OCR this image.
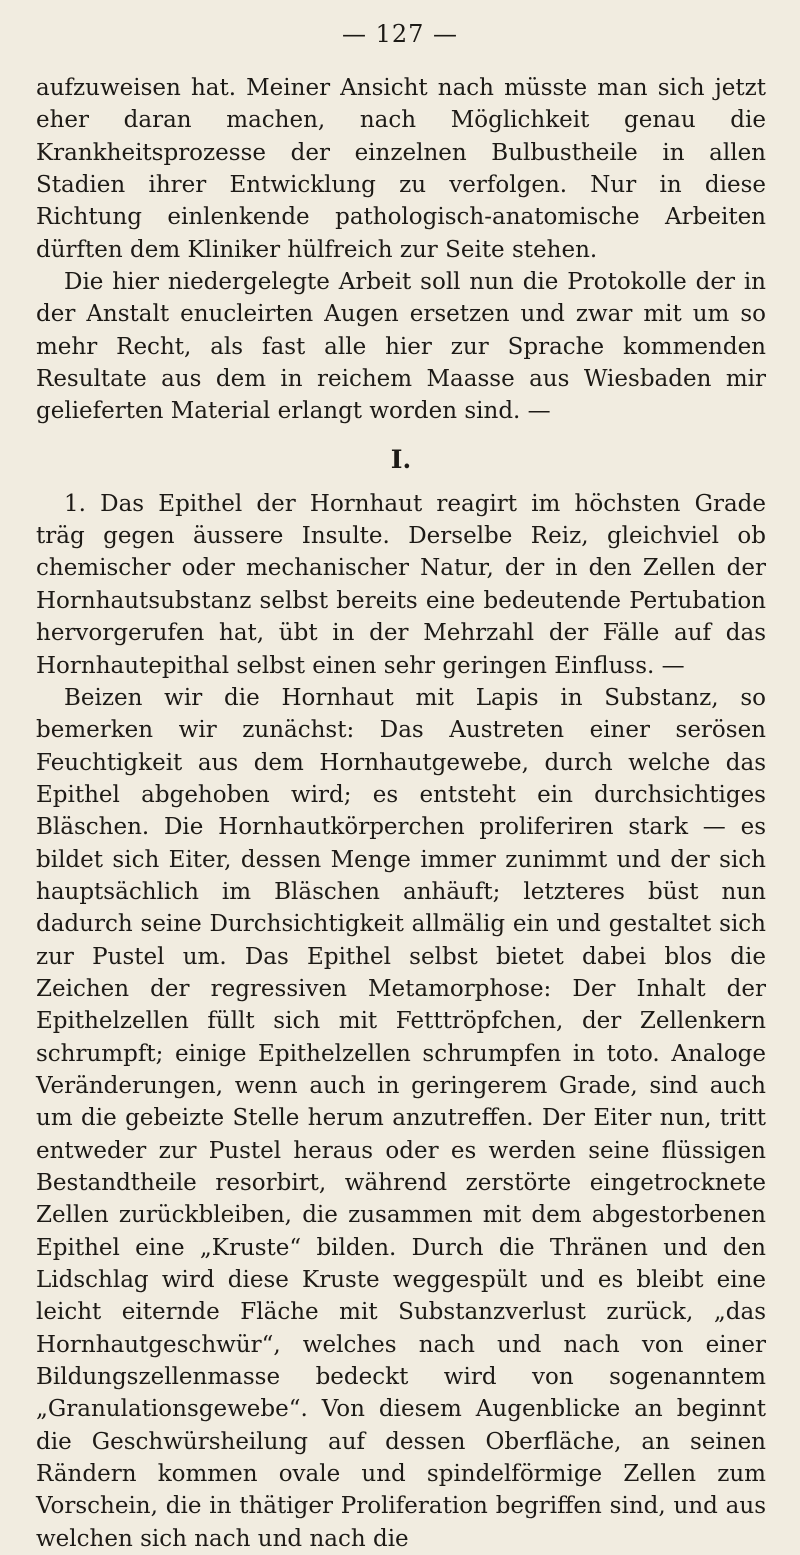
— 127 —

aufzuweisen hat. Meiner Ansicht nach müsste man sich jetzt eher daran machen, nach Möglichkeit genau die Krankheitsprozesse der einzelnen Bulbustheile in allen Stadien ihrer Entwicklung zu verfolgen. Nur in diese Richtung einlenkende pathologisch-anatomische Arbeiten dürften dem Kliniker hülfreich zur Seite stehen.

Die hier niedergelegte Arbeit soll nun die Protokolle der in der Anstalt enucleirten Augen ersetzen und zwar mit um so mehr Recht, als fast alle hier zur Sprache kommenden Resultate aus dem in reichem Maasse aus Wiesbaden mir gelieferten Material erlangt worden sind. —

I.

1. Das Epithel der Hornhaut reagirt im höchsten Grade träg gegen äussere Insulte. Derselbe Reiz, gleichviel ob chemischer oder mechanischer Natur, der in den Zellen der Hornhautsubstanz selbst bereits eine bedeutende Pertubation hervorgerufen hat, übt in der Mehrzahl der Fälle auf das Hornhautepithal selbst einen sehr geringen Einfluss. —

Beizen wir die Hornhaut mit Lapis in Substanz, so bemerken wir zunächst: Das Austreten einer serösen Feuchtigkeit aus dem Hornhautgewebe, durch welche das Epithel abgehoben wird; es entsteht ein durchsichtiges Bläschen. Die Hornhautkörperchen proliferiren stark — es bildet sich Eiter, dessen Menge immer zunimmt und der sich hauptsächlich im Bläschen anhäuft; letzteres büst nun dadurch seine Durchsichtigkeit allmälig ein und gestaltet sich zur Pustel um. Das Epithel selbst bietet dabei blos die Zeichen der regressiven Metamorphose: Der Inhalt der Epithelzellen füllt sich mit Fetttröpfchen, der Zellenkern schrumpft; einige Epithelzellen schrumpfen in toto. Analoge Veränderungen, wenn auch in geringerem Grade, sind auch um die gebeizte Stelle herum anzutreffen. Der Eiter nun, tritt entweder zur Pustel heraus oder es werden seine flüssigen Bestandtheile resorbirt, während zerstörte eingetrocknete Zellen zurückbleiben, die zusammen mit dem abgestorbenen Epithel eine „Kruste“ bilden. Durch die Thränen und den Lidschlag wird diese Kruste weggespült und es bleibt eine leicht eiternde Fläche mit Substanzverlust zurück, „das Hornhautgeschwür“, welches nach und nach von einer Bildungszellenmasse bedeckt wird von sogenanntem „Granulationsgewebe“. Von diesem Augenblicke an beginnt die Geschwürsheilung auf dessen Oberfläche, an seinen Rändern kommen ovale und spindelförmige Zellen zum Vorschein, die in thätiger Proliferation begriffen sind, und aus welchen sich nach und nach die
